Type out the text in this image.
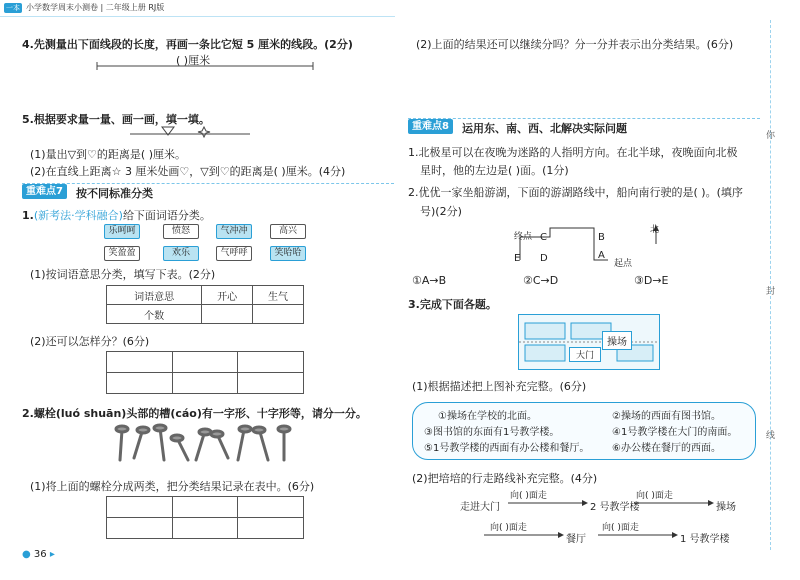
一本 小学数学周末小测卷 | 二年级上册 RJ版
4.先测量出下面线段的长度，再画一条比它短 5 厘米的线段。(2分)
( )厘米
5.根据要求量一量、画一画，填一填。
(1)量出▽到♡的距离是( )厘米。
(2)在直线上距离☆ 3 厘米处画♡，▽到♡的距离是( )厘米。(4分)
重难点7	按不同标准分类
1.(新考法·学科融合)给下面词语分类。
乐呵呵	愤怒	气冲冲	高兴
笑盈盈	欢乐	气呼呼	笑哈哈
(1)按词语意思分类，填写下表。(2分)
词语意思	开心	生气
个数		
(2)还可以怎样分？(6分)

2.螺栓(luó shuān)头部的槽(cáo)有一字形、十字形等，请分一分。
(1)将上面的螺栓分成两类，把分类结果记录在表中。(6分)

● 36 ▸
(2)上面的结果还可以继续分吗？分一分并表示出分类结果。(6分)
重难点8	运用东、南、西、北解决实际问题
1.北极星可以在夜晚为迷路的人指明方向。在北半球，夜晚面向北极
星时，他的左边是( )面。(1分)
2.优优一家坐船游湖，下面的游湖路线中，船向南行驶的是( )。(填序
号)(2分)
终点 C	B
E D	A
起点
北
①A→B	②C→D	③D→E
3.完成下面各题。
大门
操场
(1)根据描述把上图补充完整。(6分)
①操场在学校的北面。	②操场的西面有图书馆。
③图书馆的东面有1号教学楼。	④1号教学楼在大门的南面。
⑤1号教学楼的西面有办公楼和餐厅。 ⑥办公楼在餐厅的西面。
(2)把培培的行走路线补充完整。(4分)
走进大门
向( )面走
2 号教学楼
向( )面走
操场
向( )面走
餐厅
向( )面走
1 号教学楼
你
封
线
